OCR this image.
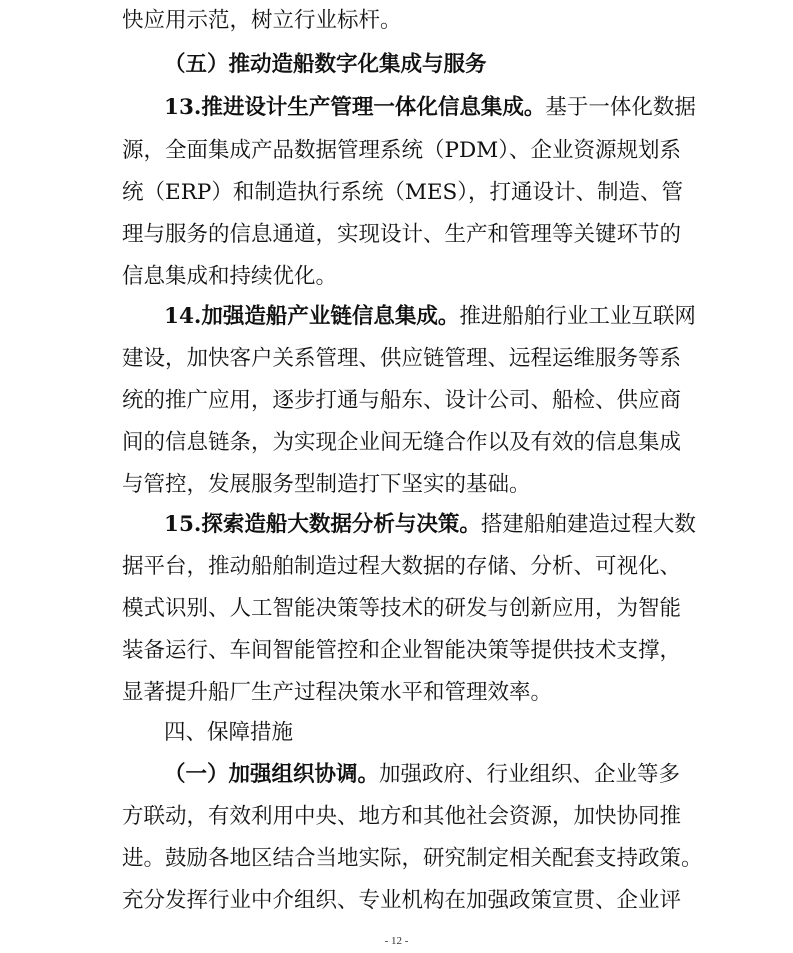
快应用示范，树立行业标杆。
（五）推动造船数字化集成与服务
13.推进设计生产管理一体化信息集成。基于一体化数据
源，全面集成产品数据管理系统（PDM）、企业资源规划系
统（ERP）和制造执行系统（MES），打通设计、制造、管
理与服务的信息通道，实现设计、生产和管理等关键环节的
信息集成和持续优化。
14.加强造船产业链信息集成。推进船舶行业工业互联网
建设，加快客户关系管理、供应链管理、远程运维服务等系
统的推广应用，逐步打通与船东、设计公司、船检、供应商
间的信息链条，为实现企业间无缝合作以及有效的信息集成
与管控，发展服务型制造打下坚实的基础。
15.探索造船大数据分析与决策。搭建船舶建造过程大数
据平台，推动船舶制造过程大数据的存储、分析、可视化、
模式识别、人工智能决策等技术的研发与创新应用，为智能
装备运行、车间智能管控和企业智能决策等提供技术支撑，
显著提升船厂生产过程决策水平和管理效率。
四、保障措施
（一）加强组织协调。加强政府、行业组织、企业等多
方联动，有效利用中央、地方和其他社会资源，加快协同推
进。鼓励各地区结合当地实际，研究制定相关配套支持政策。
充分发挥行业中介组织、专业机构在加强政策宣贯、企业评
- 12 -
